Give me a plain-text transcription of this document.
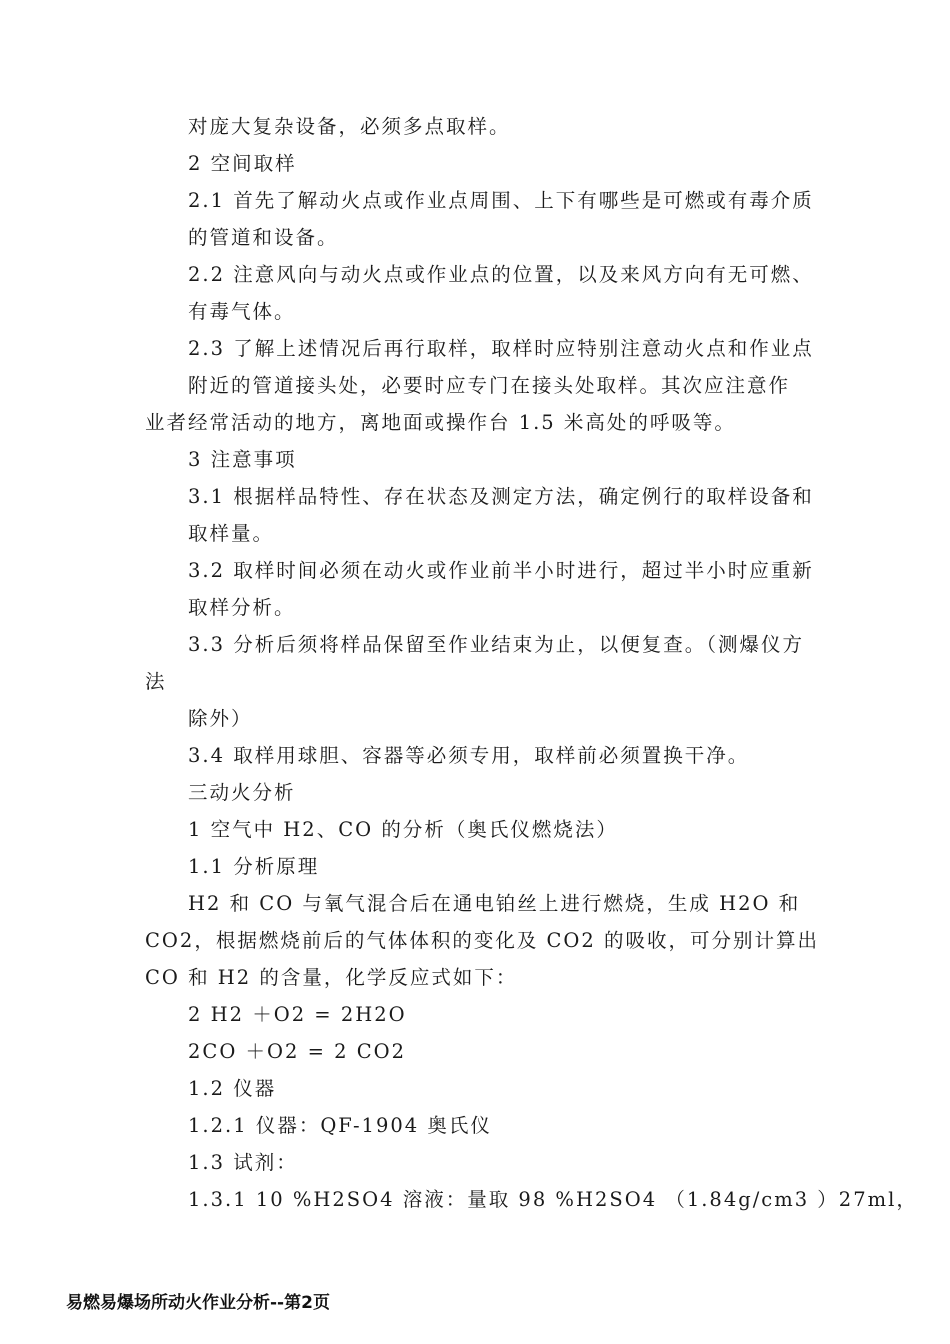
对庞大复杂设备，必须多点取样。
2 空间取样
2.1 首先了解动火点或作业点周围、上下有哪些是可燃或有毒介质
的管道和设备。
2.2 注意风向与动火点或作业点的位置，以及来风方向有无可燃、
有毒气体。
2.3 了解上述情况后再行取样，取样时应特别注意动火点和作业点
附近的管道接头处，必要时应专门在接头处取样。其次应注意作
业者经常活动的地方，离地面或操作台 1.5 米高处的呼吸等。
3 注意事项
3.1 根据样品特性、存在状态及测定方法，确定例行的取样设备和
取样量。
3.2 取样时间必须在动火或作业前半小时进行，超过半小时应重新
取样分析。
3.3 分析后须将样品保留至作业结束为止，以便复查。（测爆仪方
法
除外）
3.4 取样用球胆、容器等必须专用，取样前必须置换干净。
三动火分析
1 空气中 H2、CO 的分析（奥氏仪燃烧法）
1.1 分析原理
H2 和 CO 与氧气混合后在通电铂丝上进行燃烧，生成 H2O 和
CO2，根据燃烧前后的气体体积的变化及 CO2 的吸收，可分别计算出
CO 和 H2 的含量，化学反应式如下：
2 H2 ＋O2 = 2H2O
2CO ＋O2 = 2 CO2
1.2 仪器
1.2.1 仪器：QF-1904 奥氏仪
1.3 试剂：
1.3.1 10 %H2SO4 溶液：量取 98 %H2SO4 （1.84g/cm3 ）27ml，
易燃易爆场所动火作业分析--第2页
